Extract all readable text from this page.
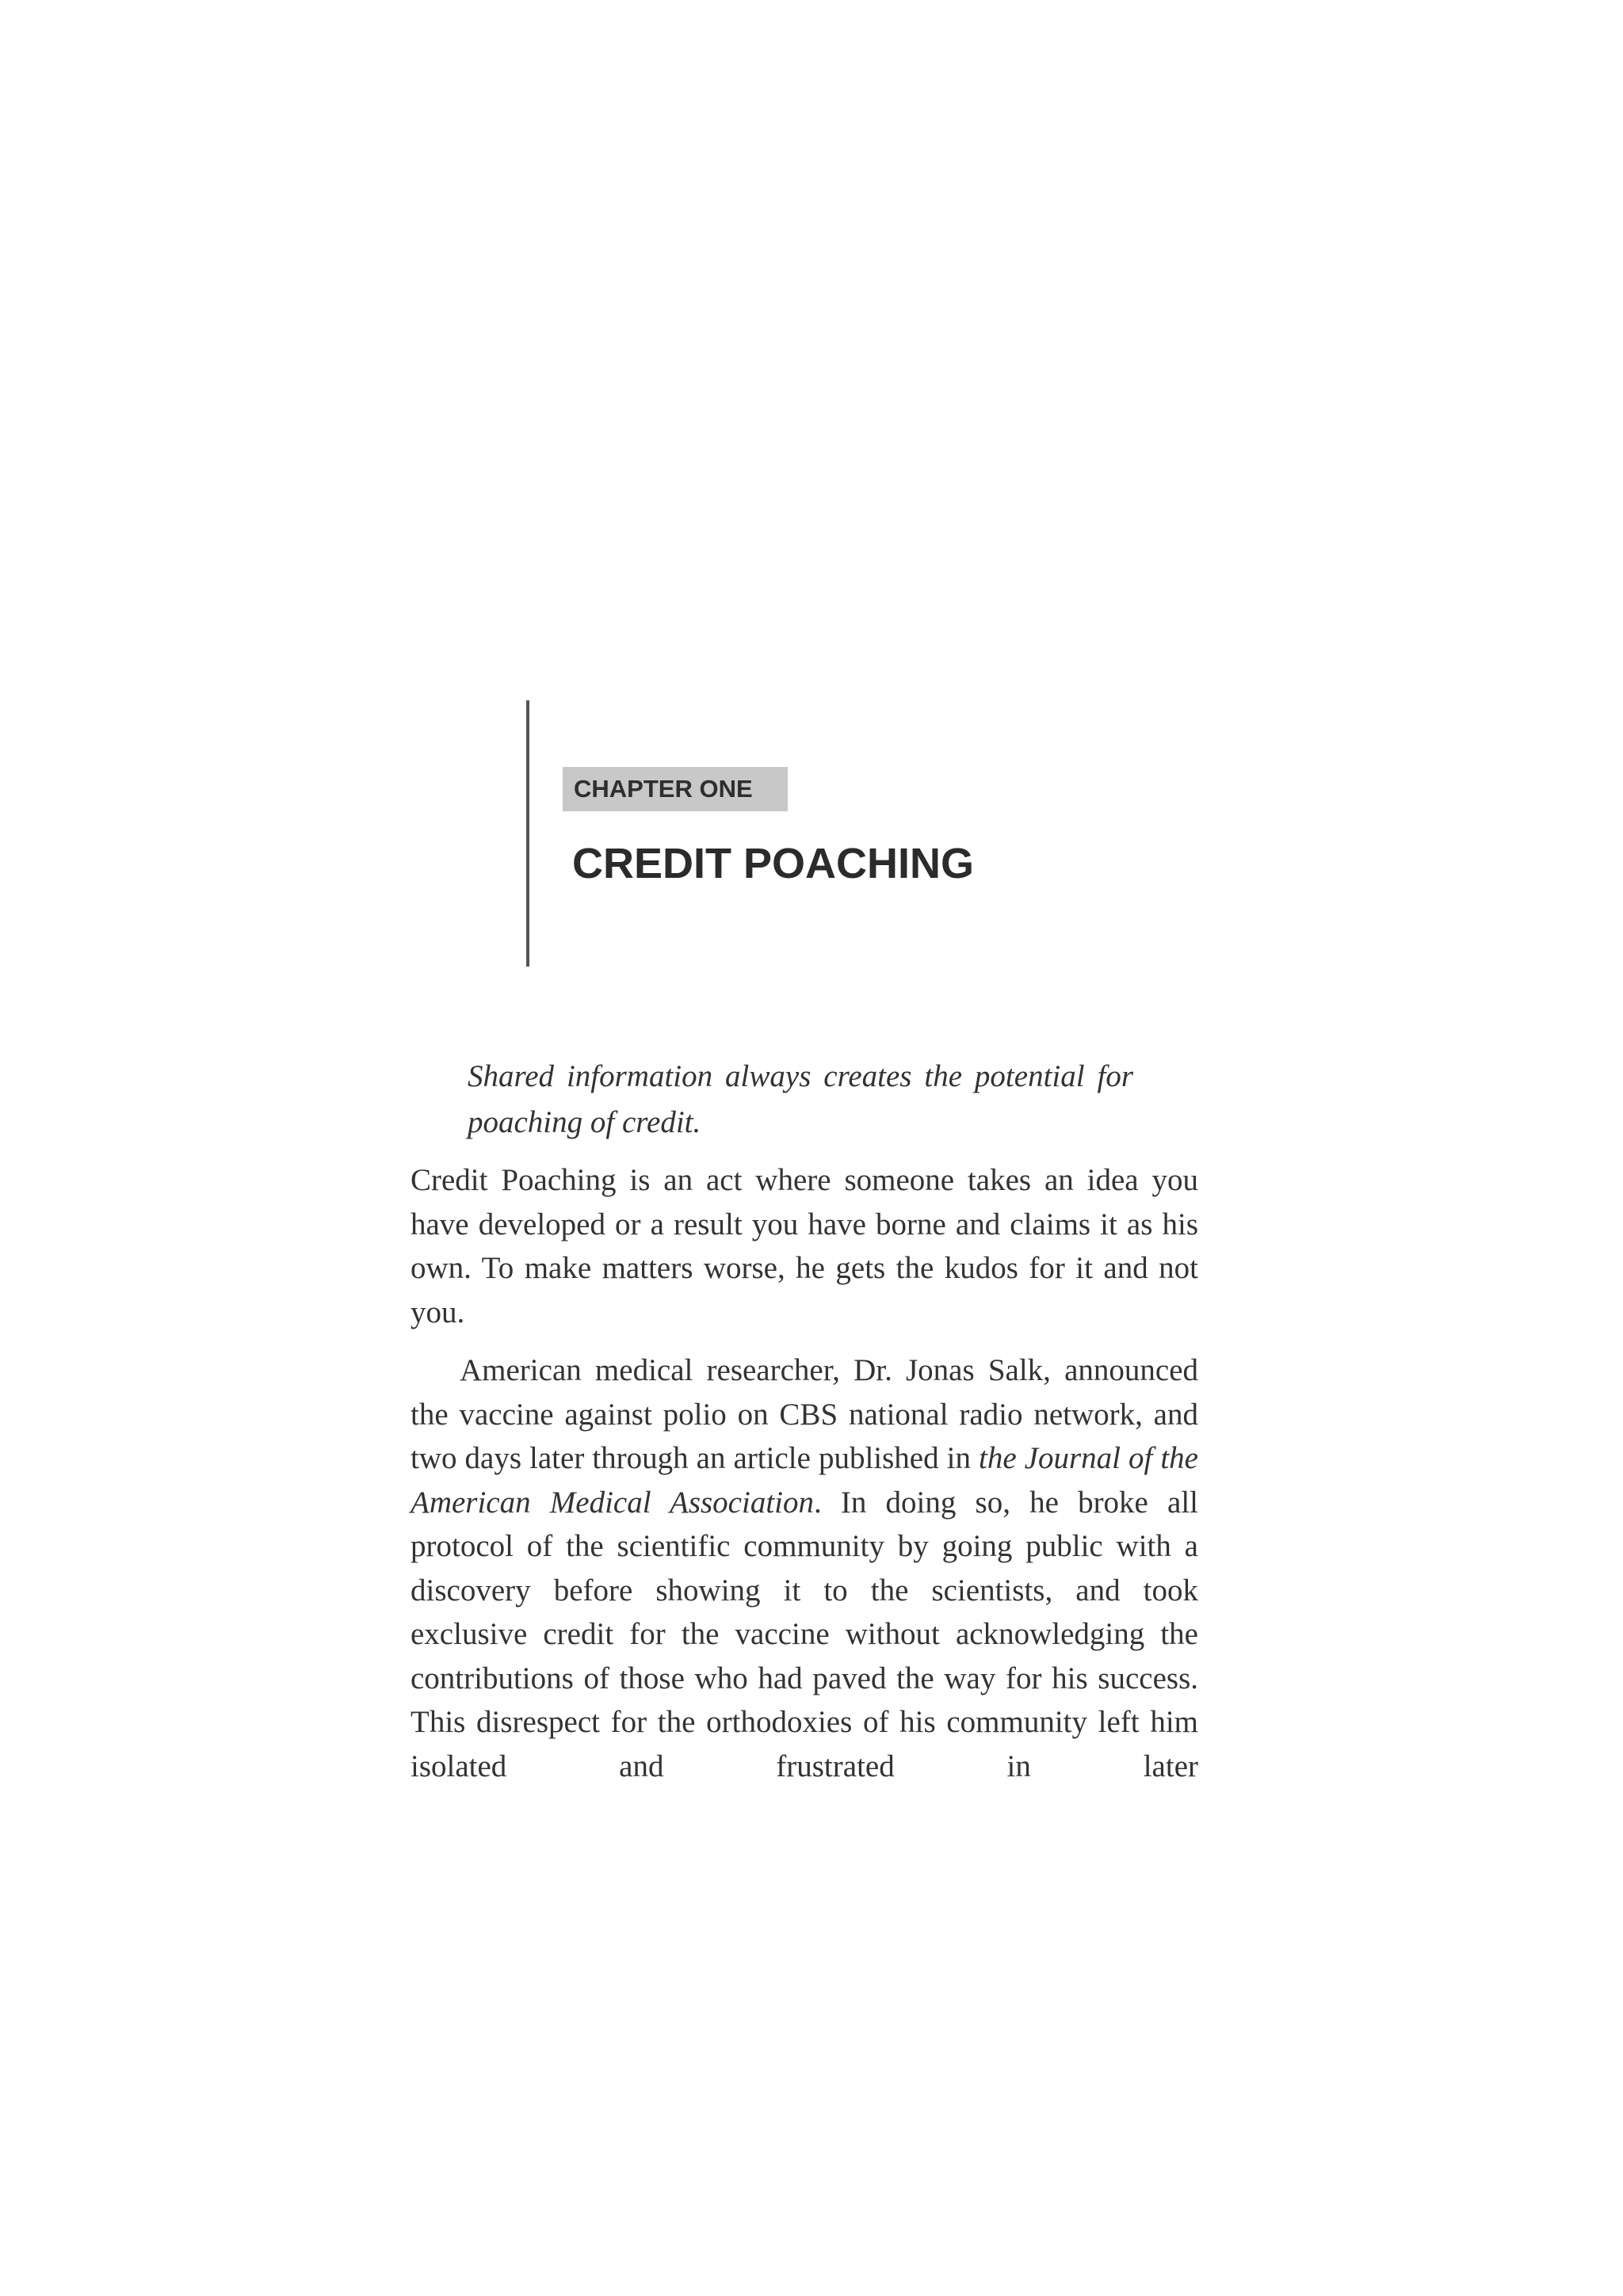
CHAPTER ONE
CREDIT POACHING
Shared information always creates the potential for poaching of credit.

Credit Poaching is an act where someone takes an idea you have developed or a result you have borne and claims it as his own. To make matters worse, he gets the kudos for it and not you.

American medical researcher, Dr. Jonas Salk, announced the vaccine against polio on CBS national radio network, and two days later through an article published in the Journal of the American Medical Association. In doing so, he broke all protocol of the scientific community by going public with a discovery before showing it to the scientists, and took exclusive credit for the vaccine without acknowledging the contributions of those who had paved the way for his success. This disrespect for the orthodoxies of his community left him isolated and frustrated in later
